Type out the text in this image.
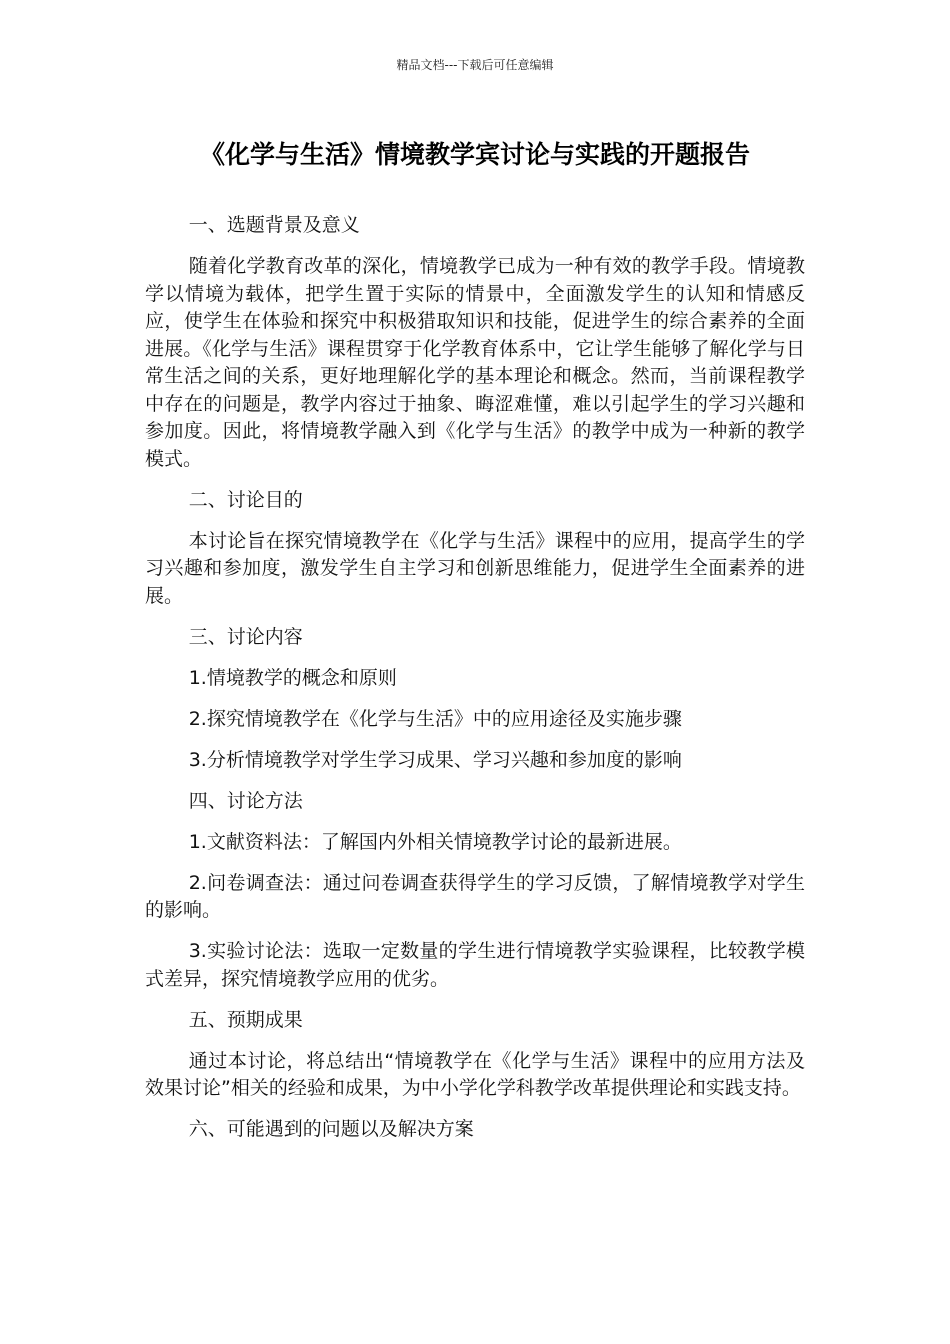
精品文档---下载后可任意编辑
《化学与生活》情境教学宾讨论与实践的开题报告

一、选题背景及意义

随着化学教育改革的深化，情境教学已成为一种有效的教学手段。情境教学以情境为载体，把学生置于实际的情景中，全面激发学生的认知和情感反应，使学生在体验和探究中积极猎取知识和技能，促进学生的综合素养的全面进展。《化学与生活》课程贯穿于化学教育体系中，它让学生能够了解化学与日常生活之间的关系，更好地理解化学的基本理论和概念。然而，当前课程教学中存在的问题是，教学内容过于抽象、晦涩难懂，难以引起学生的学习兴趣和参加度。因此，将情境教学融入到《化学与生活》的教学中成为一种新的教学模式。

二、讨论目的

本讨论旨在探究情境教学在《化学与生活》课程中的应用，提高学生的学习兴趣和参加度，激发学生自主学习和创新思维能力，促进学生全面素养的进展。

三、讨论内容

1.情境教学的概念和原则

2.探究情境教学在《化学与生活》中的应用途径及实施步骤

3.分析情境教学对学生学习成果、学习兴趣和参加度的影响

四、讨论方法

1.文献资料法：了解国内外相关情境教学讨论的最新进展。

2.问卷调查法：通过问卷调查获得学生的学习反馈，了解情境教学对学生的影响。

3.实验讨论法：选取一定数量的学生进行情境教学实验课程，比较教学模式差异，探究情境教学应用的优劣。

五、预期成果

通过本讨论，将总结出“情境教学在《化学与生活》课程中的应用方法及效果讨论”相关的经验和成果，为中小学化学科教学改革提供理论和实践支持。

六、可能遇到的问题以及解决方案
